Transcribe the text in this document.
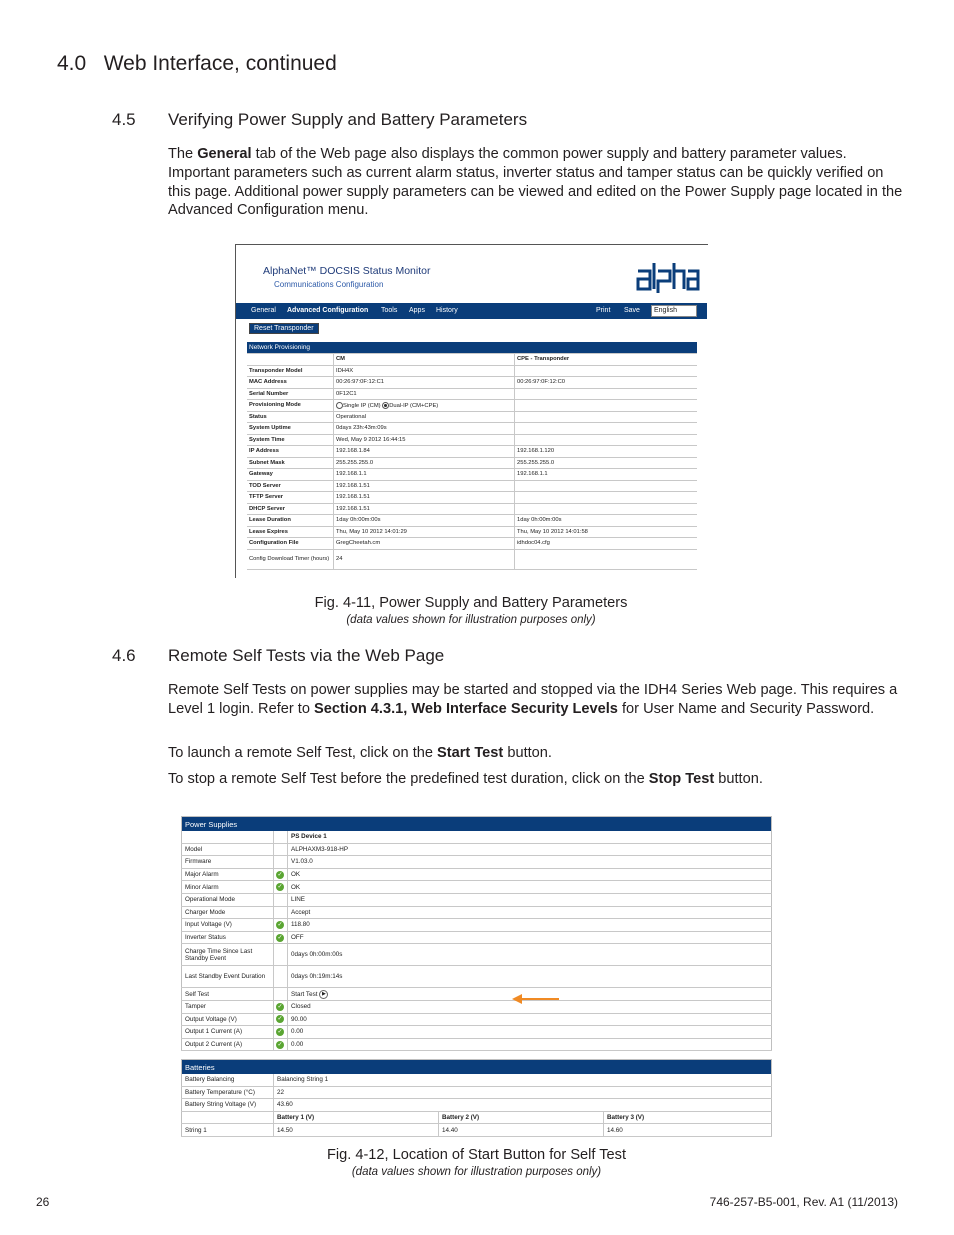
4.0   Web Interface, continued
4.5 Verifying Power Supply and Battery Parameters
The General tab of the Web page also displays the common power supply and battery parameter values. Important parameters such as current alarm status, inverter status and tamper status can be quickly verified on this page. Additional power supply parameters can be viewed and edited on the Power Supply page located in the Advanced Configuration menu.
AlphaNet™ DOCSIS Status Monitor
Communications Configuration
General Advanced Configuration Tools Apps History	Print Save	English
Reset Transponder
Network Provisioning		
	CM	CPE - Transponder
Transponder Model	IDH4X	
MAC Address	00:26:97:0F:12:C1	00:26:97:0F:12:C0
Serial Number	0F12C1	
Provisioning Mode	Single IP (CM) Dual-IP (CM+CPE)	
Status	Operational	
System Uptime	0days 23h:43m:09s	
System Time	Wed, May 9 2012 16:44:15	
IP Address	192.168.1.84	192.168.1.120
Subnet Mask	255.255.255.0	255.255.255.0
Gateway	192.168.1.1	192.168.1.1
TOD Server	192.168.1.51	
TFTP Server	192.168.1.51	
DHCP Server	192.168.1.51	
Lease Duration	1day 0h:00m:00s	1day 0h:00m:00s
Lease Expires	Thu, May 10 2012 14:01:29	Thu, May 10 2012 14:01:58
Configuration File	GregCheetah.cm	idhdoc04.cfg
Config Download Timer (hours)	24	
Fig. 4-11, Power Supply and Battery Parameters
(data values shown for illustration purposes only)
4.6 Remote Self Tests via the Web Page
Remote Self Tests on power supplies may be started and stopped via the IDH4 Series Web page. This requires a Level 1 login. Refer to Section 4.3.1, Web Interface Security Levels for User Name and Security Password.
To launch a remote Self Test, click on the Start Test button.
To stop a remote Self Test before the predefined test duration, click on the Stop Test button.
Power Supplies		
		PS Device 1
Model		ALPHAXM3-918-HP
Firmware		V1.03.0
Major Alarm	✓	OK
Minor Alarm	✓	OK
Operational Mode		LINE
Charger Mode		Accept
Input Voltage (V)	✓	118.80
Inverter Status	✓	OFF
Charge Time Since Last Standby Event		0days 0h:00m:00s
Last Standby Event Duration		0days 0h:19m:14s
Self Test		Start Test ▶
Tamper	✓	Closed
Output Voltage (V)	✓	90.00
Output 1 Current (A)	✓	0.00
Output 2 Current (A)	✓	0.00
Batteries			
Battery Balancing	Balancing String 1		
Battery Temperature (°C)	22		
Battery String Voltage (V)	43.60		
	Battery 1 (V)	Battery 2 (V)	Battery 3 (V)
String 1	14.50	14.40	14.60
Fig. 4-12, Location of Start Button for Self Test
(data values shown for illustration purposes only)
26	746-257-B5-001, Rev. A1 (11/2013)
